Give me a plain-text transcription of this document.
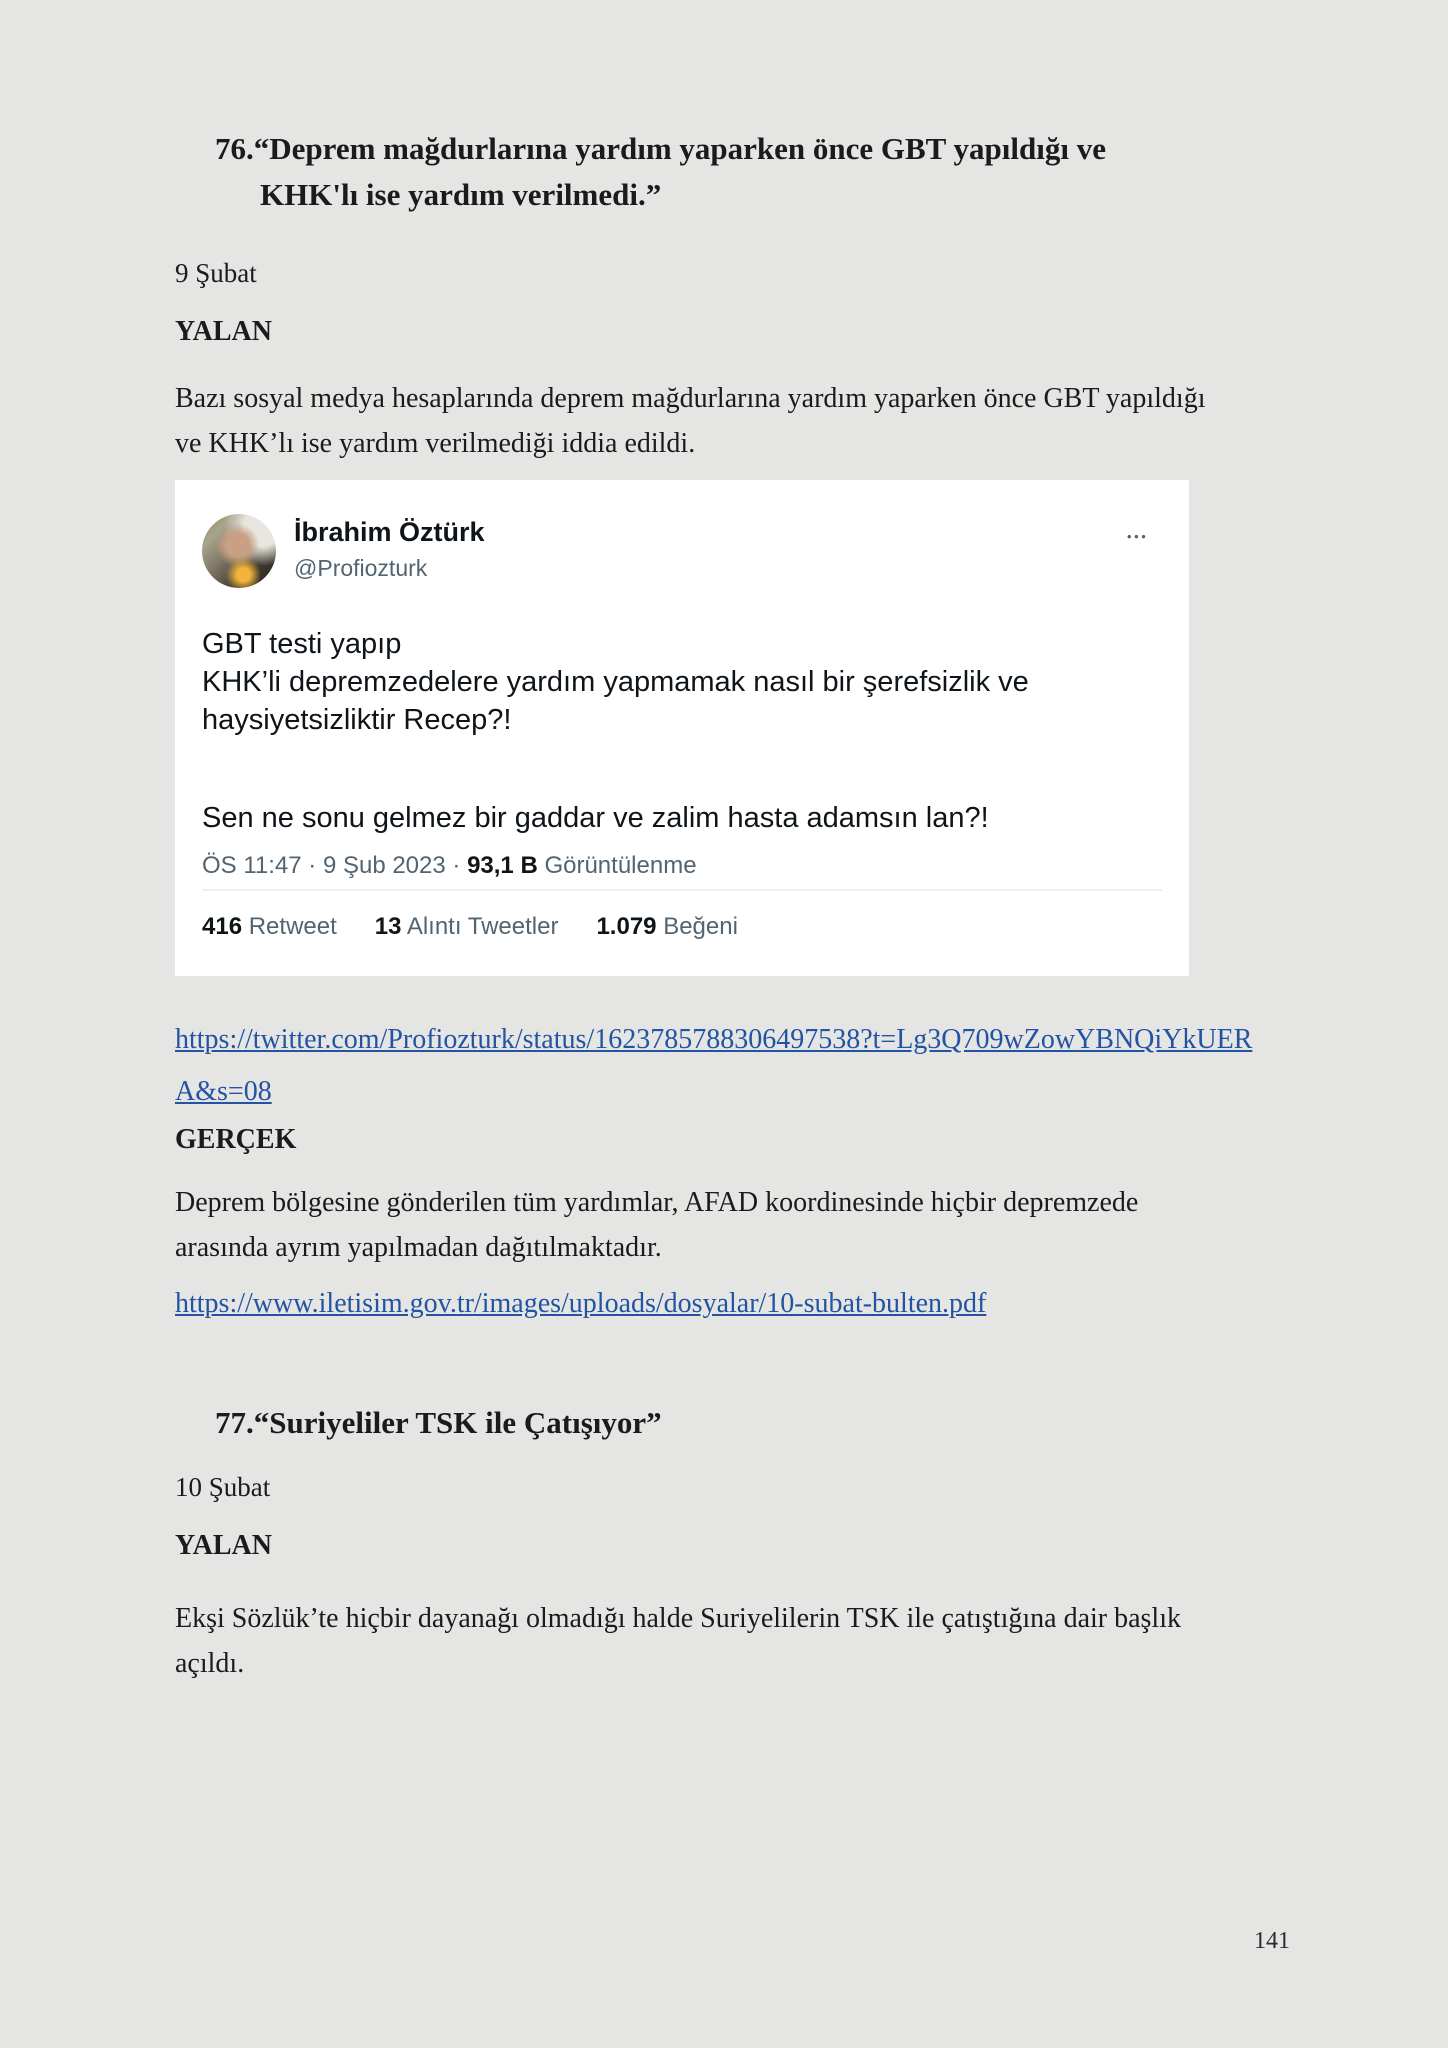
76.“Deprem mağdurlarına yardım yaparken önce GBT yapıldığı ve
KHK'lı ise yardım verilmedi.”
9 Şubat
YALAN
Bazı sosyal medya hesaplarında deprem mağdurlarına yardım yaparken önce GBT yapıldığı ve KHK’lı ise yardım verilmediği iddia edildi.
İbrahim Öztürk
@Profiozturk
●●●
GBT testi yapıp
KHK’li depremzedelere yardım yapmamak nasıl bir şerefsizlik ve haysiyetsizliktir Recep?!
Sen ne sonu gelmez bir gaddar ve zalim hasta adamsın lan?!
ÖS 11:47 · 9 Şub 2023 · 93,1 B Görüntülenme
416 Retweet 13 Alıntı Tweetler 1.079 Beğeni
https://twitter.com/Profiozturk/status/1623785788306497538?t=Lg3Q709wZowYBNQiYkUERA&s=08
GERÇEK
Deprem bölgesine gönderilen tüm yardımlar, AFAD koordinesinde hiçbir depremzede arasında ayrım yapılmadan dağıtılmaktadır.
https://www.iletisim.gov.tr/images/uploads/dosyalar/10-subat-bulten.pdf
77.“Suriyeliler TSK ile Çatışıyor”
10 Şubat
YALAN
Ekşi Sözlük’te hiçbir dayanağı olmadığı halde Suriyelilerin TSK ile çatıştığına dair başlık açıldı.
141
